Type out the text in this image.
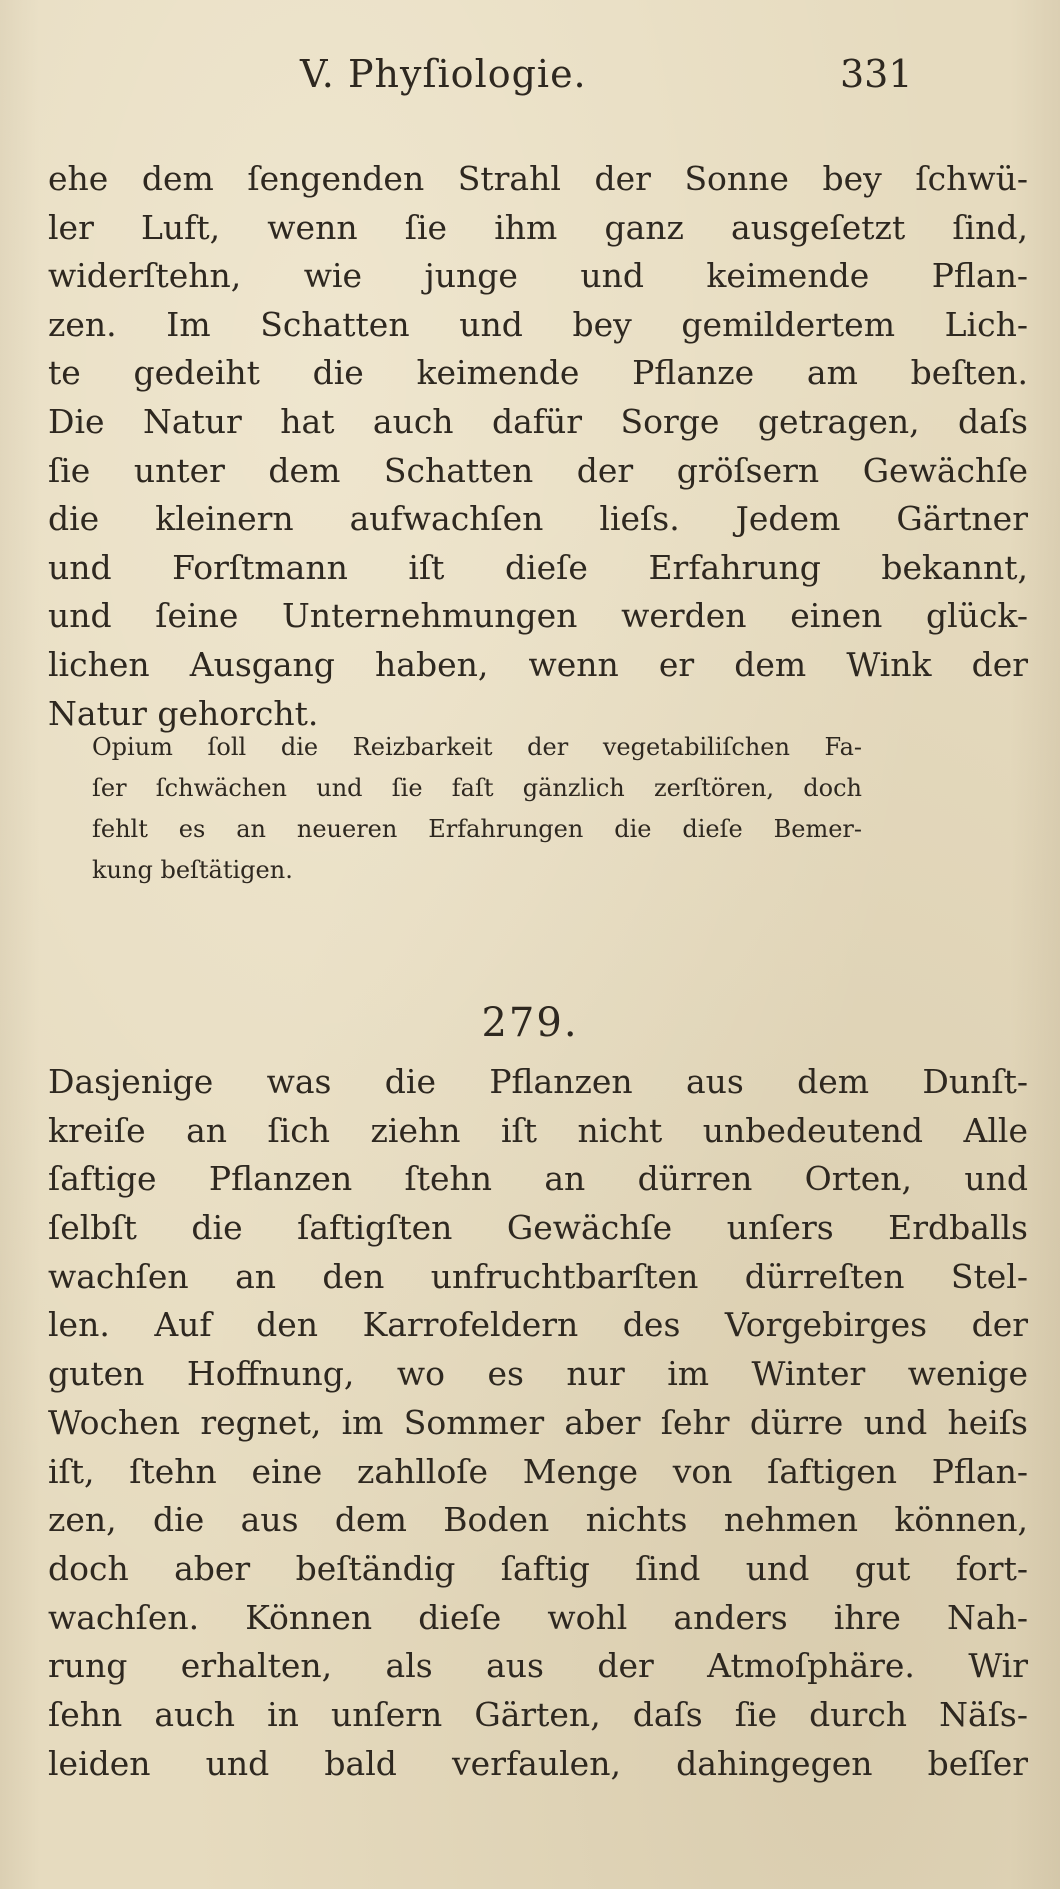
V. Phyſiologie.	331
ehe dem ſengenden Strahl der Sonne bey ſchwü-
ler Luft, wenn ſie ihm ganz ausgeſetzt ſind,
widerſtehn, wie junge und keimende Pflan-
zen. Im Schatten und bey gemildertem Lich-
te gedeiht die keimende Pflanze am beſten.
Die Natur hat auch dafür Sorge getragen, daſs
ſie unter dem Schatten der gröſsern Gewächſe
die kleinern aufwachſen lieſs. Jedem Gärtner
und Forſtmann iſt dieſe Erfahrung bekannt,
und ſeine Unternehmungen werden einen glück-
lichen Ausgang haben, wenn er dem Wink der
Natur gehorcht.
Opium ſoll die Reizbarkeit der vegetabiliſchen Fa-
ſer ſchwächen und ſie faſt gänzlich zerſtören, doch
fehlt es an neueren Erfahrungen die dieſe Bemer-
kung beſtätigen.
279.
Dasjenige was die Pflanzen aus dem Dunſt-
kreiſe an ſich ziehn iſt nicht unbedeutend Alle
ſaftige Pflanzen ſtehn an dürren Orten, und
ſelbſt die ſaftigſten Gewächſe unſers Erdballs
wachſen an den unfruchtbarſten dürreſten Stel-
len. Auf den Karrofeldern des Vorgebirges der
guten Hoffnung, wo es nur im Winter wenige
Wochen regnet, im Sommer aber ſehr dürre und heiſs
iſt, ſtehn eine zahlloſe Menge von ſaftigen Pflan-
zen, die aus dem Boden nichts nehmen können,
doch aber beſtändig ſaftig ſind und gut fort-
wachſen. Können dieſe wohl anders ihre Nah-
rung erhalten, als aus der Atmoſphäre. Wir
ſehn auch in unſern Gärten, daſs ſie durch Näſs-
leiden und bald verfaulen, dahingegen beſſer
